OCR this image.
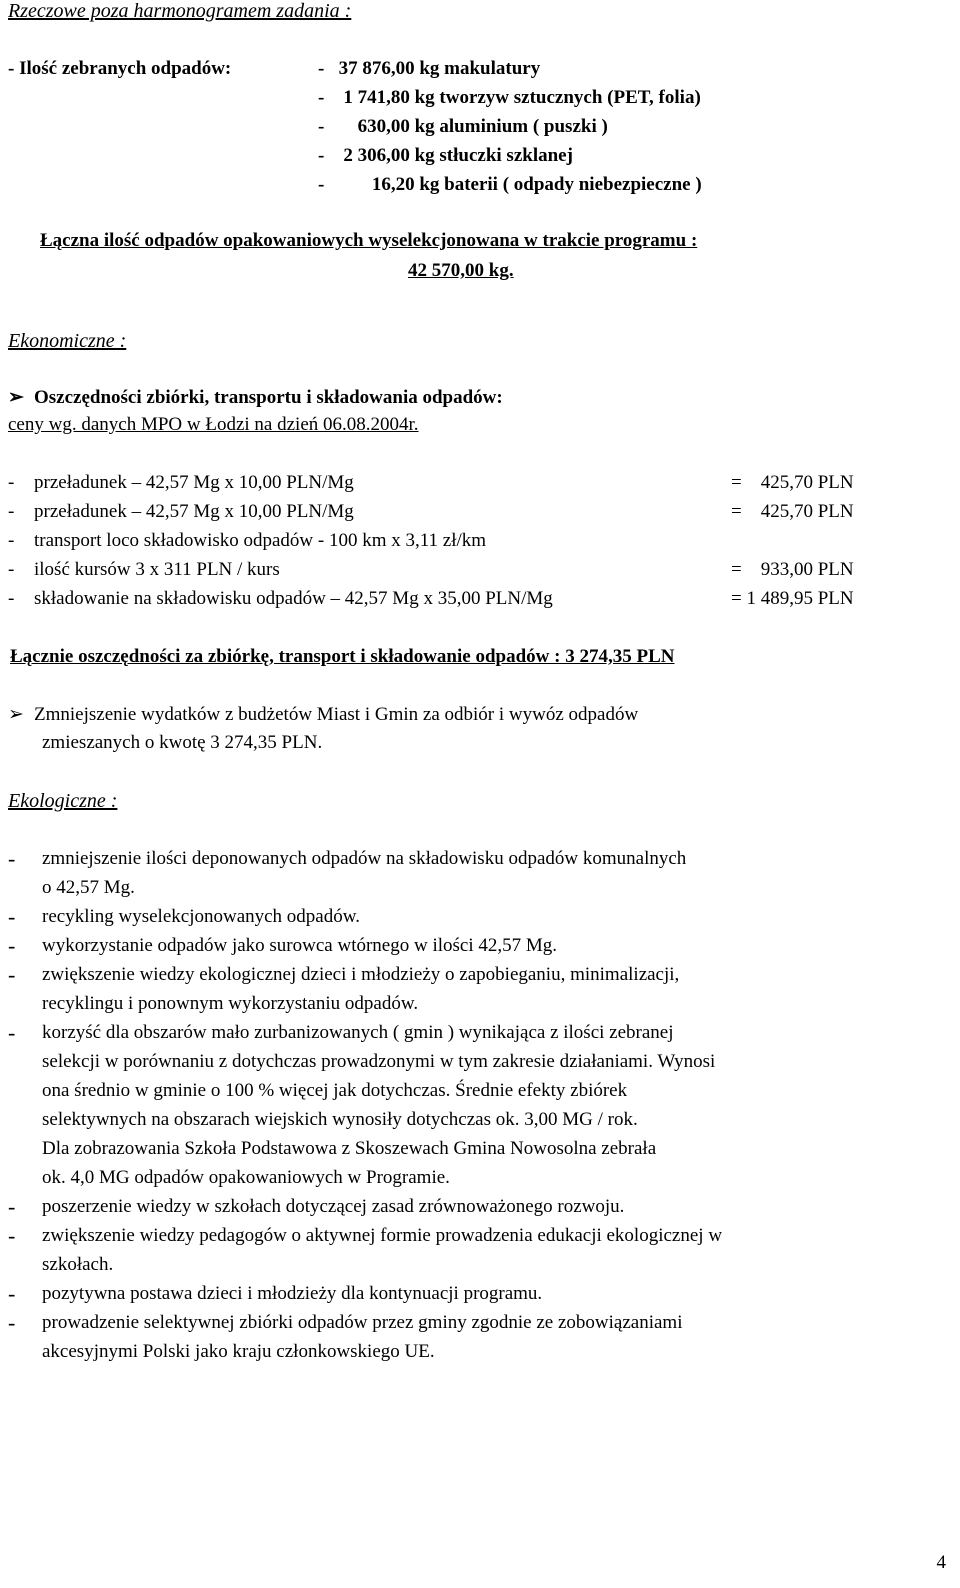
Rzeczowe poza harmonogramem zadania :
- Ilość zebranych odpadów:	-   37 876,00 kg makulatury
-    1 741,80 kg tworzyw sztucznych (PET, folia)
-       630,00 kg aluminium ( puszki )
-    2 306,00 kg stłuczki szklanej
-          16,20 kg baterii ( odpady niebezpieczne )
Łączna ilość odpadów opakowaniowych wyselekcjonowana w trakcie programu :
42 570,00 kg.
Ekonomiczne :
➢ Oszczędności zbiórki, transportu i składowania odpadów:
ceny wg. danych MPO w Łodzi na dzień 06.08.2004r.
- przeładunek – 42,57 Mg x 10,00 PLN/Mg	=    425,70 PLN
- przeładunek – 42,57 Mg x 10,00 PLN/Mg	=    425,70 PLN
- transport loco składowisko odpadów - 100 km x 3,11 zł/km
- ilość kursów 3 x 311 PLN / kurs	=    933,00 PLN
- składowanie na składowisku odpadów – 42,57 Mg x 35,00 PLN/Mg	= 1 489,95 PLN
Łącznie oszczędności za zbiórkę, transport i składowanie odpadów : 3 274,35 PLN
➢ Zmniejszenie wydatków z budżetów Miast i Gmin za odbiór i wywóz odpadów
zmieszanych o kwotę 3 274,35 PLN.
Ekologiczne :
- zmniejszenie ilości deponowanych odpadów na składowisku odpadów komunalnych
o 42,57 Mg.
- recykling wyselekcjonowanych odpadów.
- wykorzystanie odpadów jako surowca wtórnego w ilości 42,57 Mg.
- zwiększenie wiedzy ekologicznej dzieci i młodzieży o zapobieganiu, minimalizacji,
recyklingu i ponownym wykorzystaniu odpadów.
- korzyść dla obszarów mało zurbanizowanych ( gmin ) wynikająca z ilości zebranej
selekcji w porównaniu z dotychczas prowadzonymi w tym zakresie działaniami. Wynosi
ona średnio w gminie o 100 % więcej jak dotychczas. Średnie efekty zbiórek
selektywnych na obszarach wiejskich wynosiły dotychczas ok. 3,00 MG / rok.
Dla zobrazowania Szkoła Podstawowa z Skoszewach Gmina Nowosolna zebrała
ok. 4,0 MG odpadów opakowaniowych w Programie.
- poszerzenie wiedzy w szkołach dotyczącej zasad zrównoważonego rozwoju.
- zwiększenie wiedzy pedagogów o aktywnej formie prowadzenia edukacji ekologicznej w
szkołach.
- pozytywna postawa dzieci i młodzieży dla kontynuacji programu.
- prowadzenie selektywnej zbiórki odpadów przez gminy zgodnie ze zobowiązaniami
akcesyjnymi Polski jako kraju członkowskiego UE.
4
